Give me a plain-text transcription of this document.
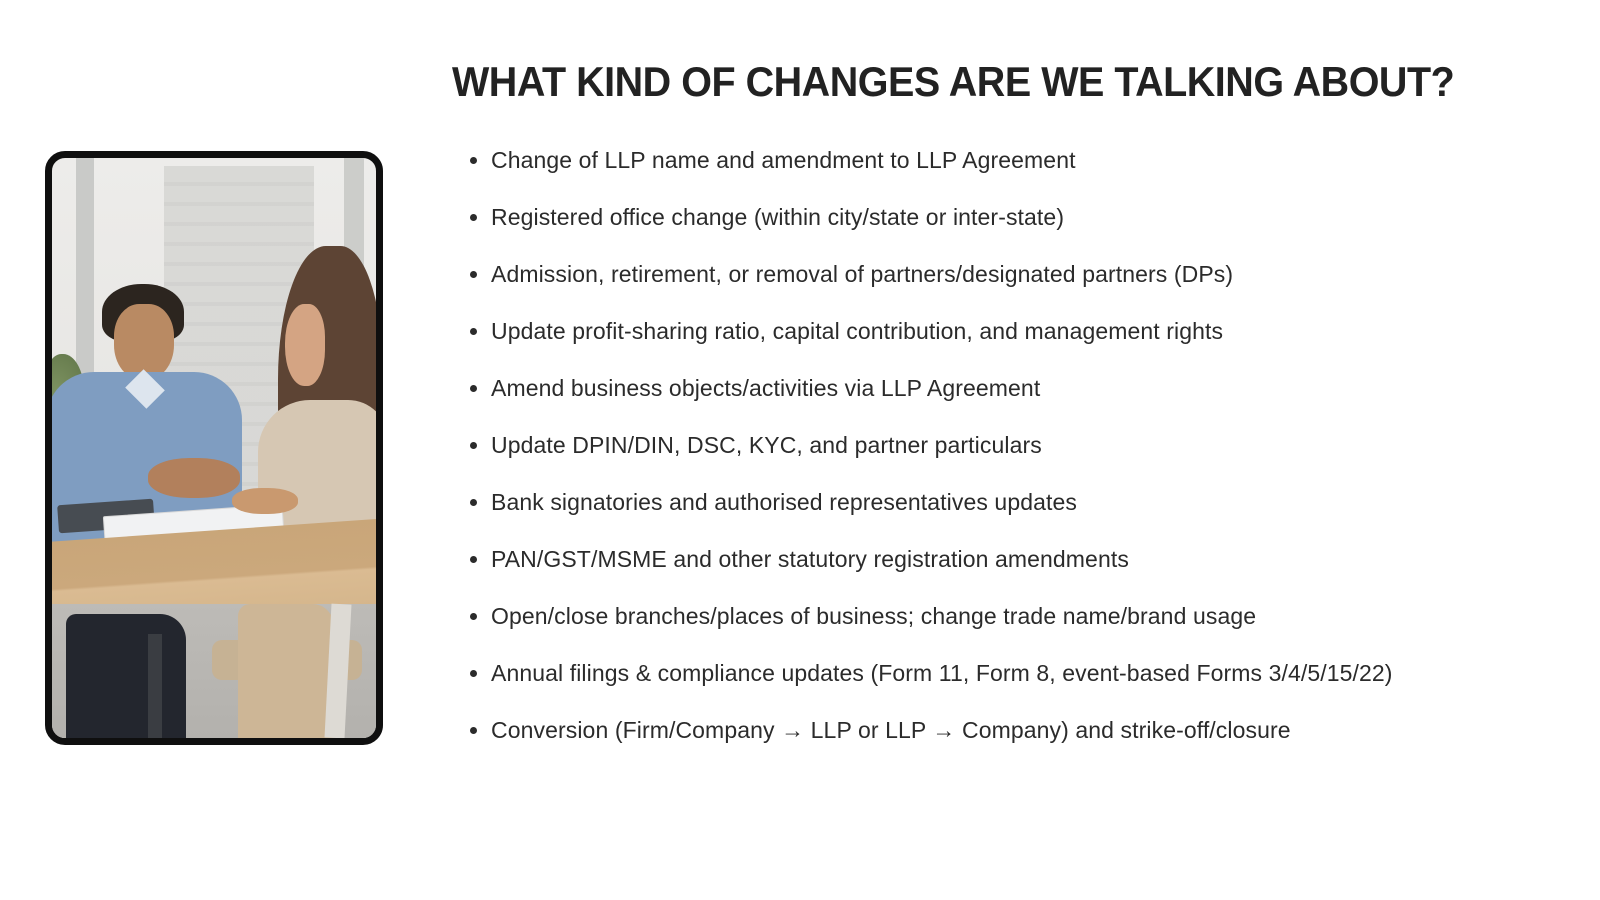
WHAT KIND OF CHANGES ARE WE TALKING ABOUT?
Change of LLP name and amendment to LLP Agreement
Registered office change (within city/state or inter-state)
Admission, retirement, or removal of partners/designated partners (DPs)
Update profit-sharing ratio, capital contribution, and management rights
Amend business objects/activities via LLP Agreement
Update DPIN/DIN, DSC, KYC, and partner particulars
Bank signatories and authorised representatives updates
PAN/GST/MSME and other statutory registration amendments
Open/close branches/places of business; change trade name/brand usage
Annual filings & compliance updates (Form 11, Form 8, event-based Forms 3/4/5/15/22)
Conversion (Firm/Company → LLP or LLP → Company) and strike-off/closure
